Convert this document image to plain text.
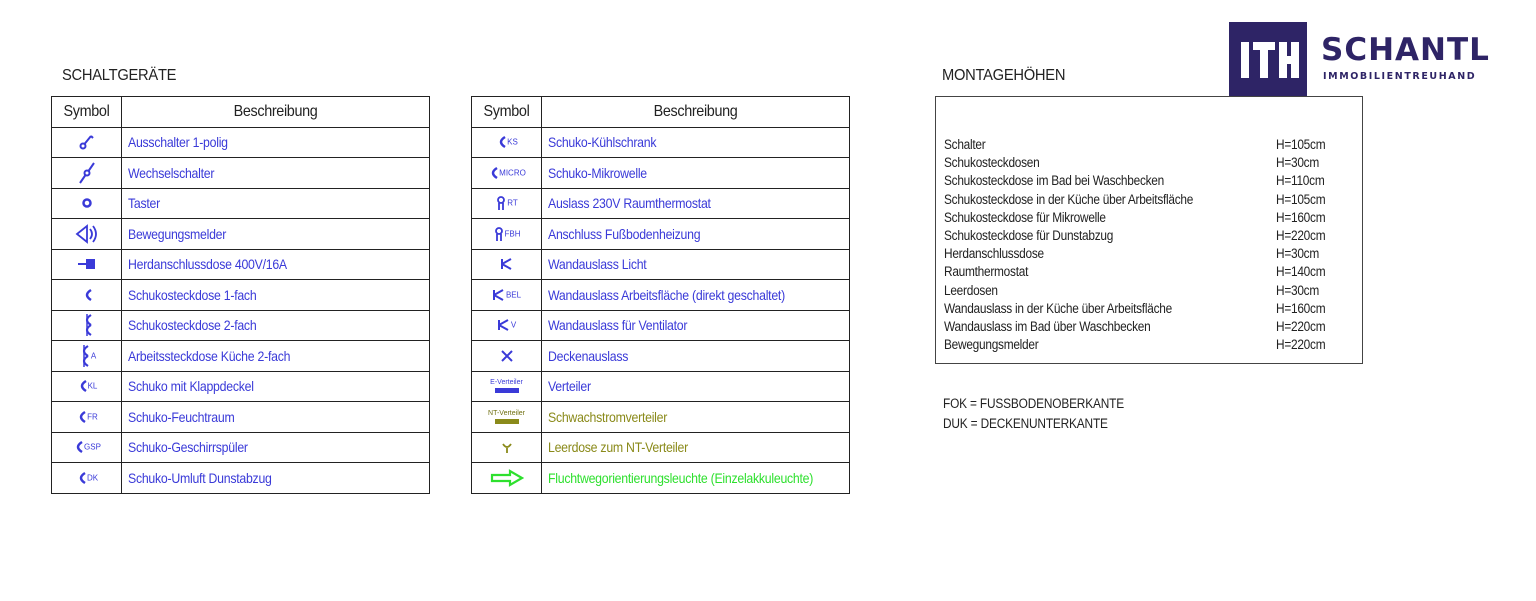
SCHALTGERÄTE	MONTAGEHÖHEN
Symbol	Beschreibung

	Ausschalter 1-polig

	Wechselschalter

	Taster

	Bewegungsmelder

	Herdanschlussdose 400V/16A

	Schukosteckdose 1-fach

	Schukosteckdose 2-fach
A	Arbeitssteckdose Küche 2-fach
KL	Schuko mit Klappdeckel
FR	Schuko-Feuchtraum
GSP	Schuko-Geschirrspüler
DK	Schuko-Umluft Dunstabzug
Symbol	Beschreibung
KS	Schuko-Kühlschrank
MICRO	Schuko-Mikrowelle
RT	Auslass 230V Raumthermostat
FBH	Anschluss Fußbodenheizung

	Wandauslass Licht
BEL	Wandauslass Arbeitsfläche (direkt geschaltet)
V	Wandauslass für Ventilator

	Deckenauslass

E-Verteiler	Verteiler

NT-Verteiler	Schwachstromverteiler

	Leerdose zum NT-Verteiler

	Fluchtwegorientierungsleuchte (Einzelakkuleuchte)
Schalter	H=105cm
Schukosteckdosen	H=30cm
Schukosteckdose im Bad bei Waschbecken	H=110cm
Schukosteckdose in der Küche über Arbeitsfläche	H=105cm
Schukosteckdose für Mikrowelle	H=160cm
Schukosteckdose für Dunstabzug	H=220cm
Herdanschlussdose	H=30cm
Raumthermostat	H=140cm
Leerdosen	H=30cm
Wandauslass in der Küche über Arbeitsfläche	H=160cm
Wandauslass im Bad über Waschbecken	H=220cm
Bewegungsmelder	H=220cm
FOK = FUSSBODENOBERKANTE
DUK = DECKENUNTERKANTE
SCHANTL
IMMOBILIENTREUHAND
